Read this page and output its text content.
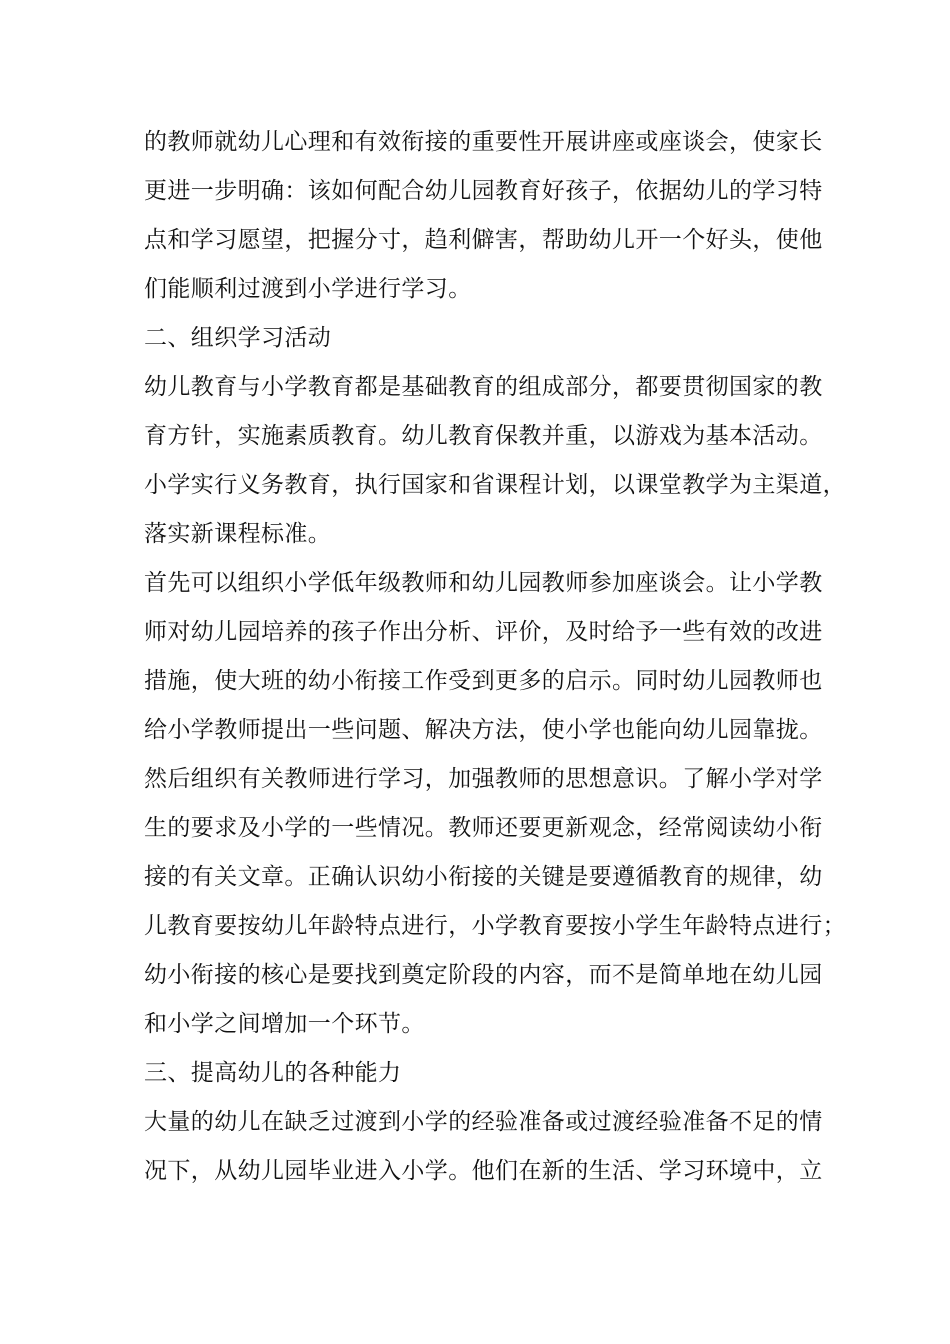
的教师就幼儿心理和有效衔接的重要性开展讲座或座谈会，使家长
更进一步明确：该如何配合幼儿园教育好孩子，依据幼儿的学习特
点和学习愿望，把握分寸，趋利僻害，帮助幼儿开一个好头，使他
们能顺利过渡到小学进行学习。
二、组织学习活动
幼儿教育与小学教育都是基础教育的组成部分，都要贯彻国家的教
育方针，实施素质教育。幼儿教育保教并重，以游戏为基本活动。
小学实行义务教育，执行国家和省课程计划，以课堂教学为主渠道，
落实新课程标准。
首先可以组织小学低年级教师和幼儿园教师参加座谈会。让小学教
师对幼儿园培养的孩子作出分析、评价，及时给予一些有效的改进
措施，使大班的幼小衔接工作受到更多的启示。同时幼儿园教师也
给小学教师提出一些问题、解决方法，使小学也能向幼儿园靠拢。
然后组织有关教师进行学习，加强教师的思想意识。了解小学对学
生的要求及小学的一些情况。教师还要更新观念，经常阅读幼小衔
接的有关文章。正确认识幼小衔接的关键是要遵循教育的规律，幼
儿教育要按幼儿年龄特点进行，小学教育要按小学生年龄特点进行；
幼小衔接的核心是要找到奠定阶段的内容，而不是简单地在幼儿园
和小学之间增加一个环节。
三、提高幼儿的各种能力
大量的幼儿在缺乏过渡到小学的经验准备或过渡经验准备不足的情
况下，从幼儿园毕业进入小学。他们在新的生活、学习环境中，立
